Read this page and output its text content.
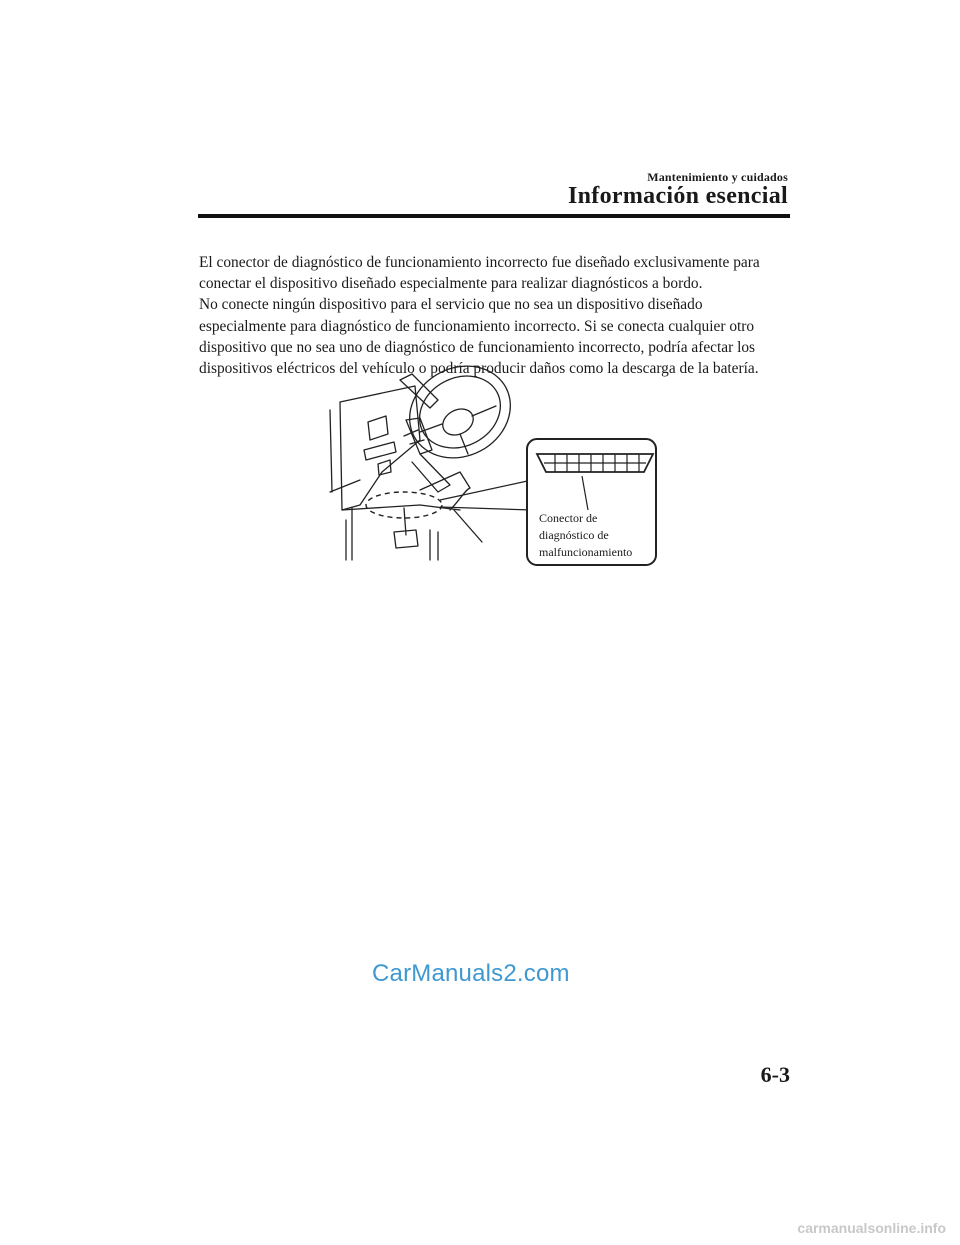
Mantenimiento y cuidados
Información esencial

El conector de diagnóstico de funcionamiento incorrecto fue diseñado exclusivamente para

conectar el dispositivo diseñado especialmente para realizar diagnósticos a bordo.

No conecte ningún dispositivo para el servicio que no sea un dispositivo diseñado

especialmente para diagnóstico de funcionamiento incorrecto. Si se conecta cualquier otro

dispositivo que no sea uno de diagnóstico de funcionamiento incorrecto, podría afectar los

dispositivos eléctricos del vehículo o podría producir daños como la descarga de la batería.

Conector de
diagnóstico de
malfuncionamiento
CarManuals2.com
6-3
carmanualsonline.info
